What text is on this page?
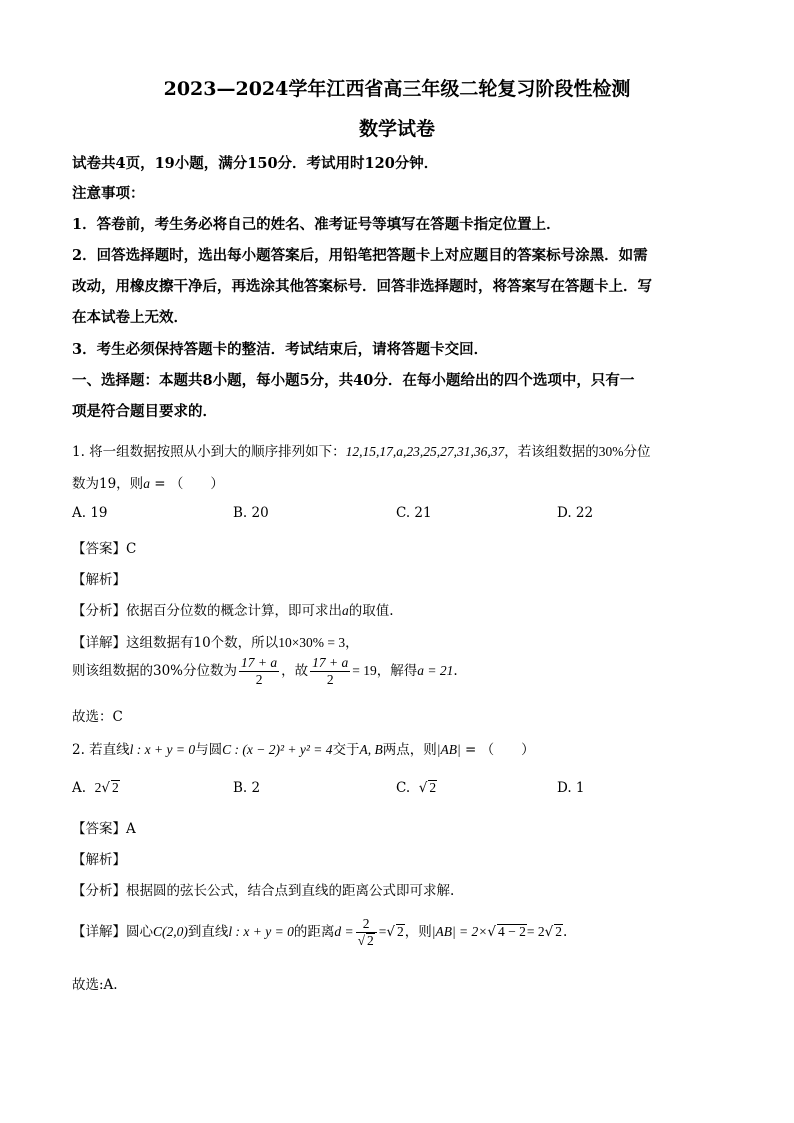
2023—2024学年江西省高三年级二轮复习阶段性检测
数学试卷
试卷共4页，19小题，满分150分．考试用时120分钟．
注意事项：
1．答卷前，考生务必将自己的姓名、准考证号等填写在答题卡指定位置上．
2．回答选择题时，选出每小题答案后，用铅笔把答题卡上对应题目的答案标号涂黑．如需
改动，用橡皮擦干净后，再选涂其他答案标号．回答非选择题时，将答案写在答题卡上．写
在本试卷上无效．
3．考生必须保持答题卡的整洁．考试结束后，请将答题卡交回．
一、选择题：本题共8小题，每小题5分，共40分．在每小题给出的四个选项中，只有一
项是符合题目要求的．
1. 将一组数据按照从小到大的顺序排列如下：12,15,17,a,23,25,27,31,36,37，若该组数据的30%分位
数为19，则a = （　　）
A. 19	B. 20	C. 21	D. 22
【答案】C
【解析】
【分析】依据百分位数的概念计算，即可求出a的取值.
【详解】这组数据有10个数，所以10×30% = 3，
则该组数据的30%分位数为 $\frac{17 + a}{2}$ ，故 $\frac{17 + a}{2} = 19$，解得a = 21.
故选：C
2. 若直线l : x + y = 0与圆C : (x − 2)² + y² = 4交于A, B两点，则|AB| = （　　）
A. 2√ 2	B. 2	C. √ 2	D. 1
【答案】A
【解析】
【分析】根据圆的弦长公式，结合点到直线的距离公式即可求解.
【详解】圆心C(2,0)到直线l : x + y = 0的距离$d = \frac{2}{√ 2}$ =√ 2，则|AB| = 2×√ 4 − 2= 2√ 2.
故选:A.
